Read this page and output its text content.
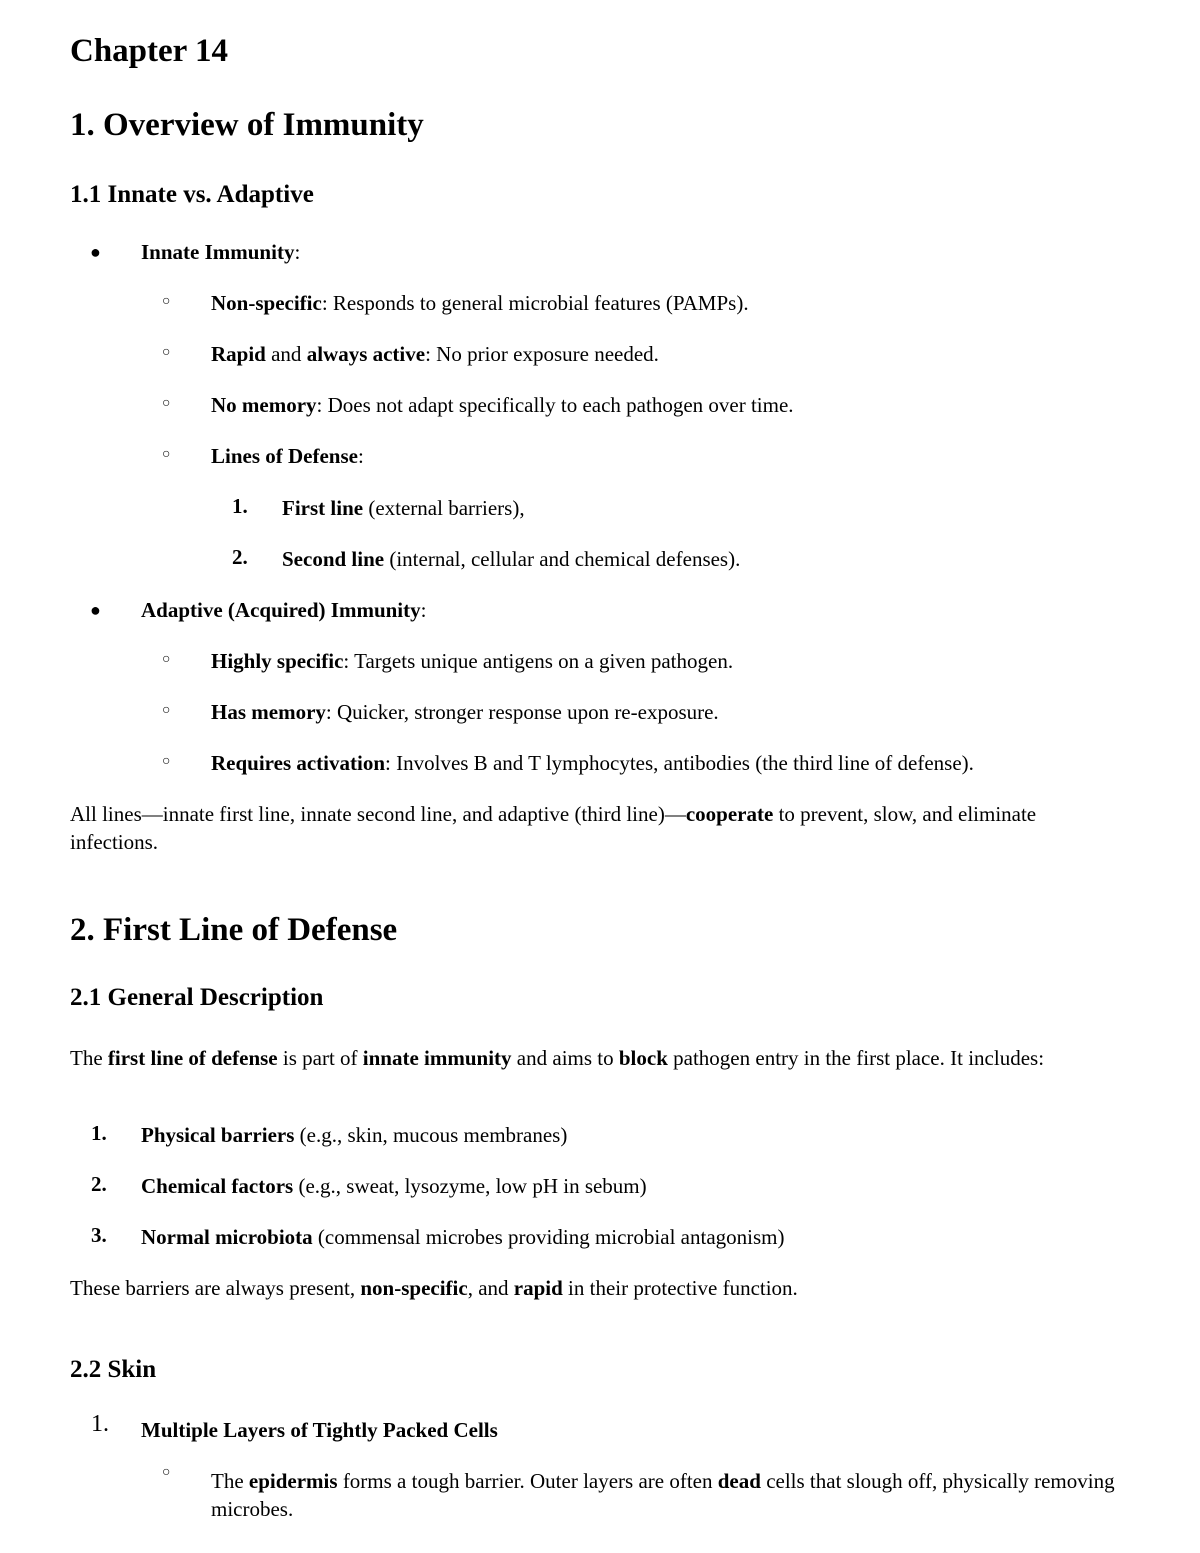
Chapter 14
1. Overview of Immunity
1.1 Innate vs. Adaptive
● Innate Immunity:
○ Non-specific: Responds to general microbial features (PAMPs).
○ Rapid and always active: No prior exposure needed.
○ No memory: Does not adapt specifically to each pathogen over time.
○ Lines of Defense:
1. First line (external barriers),
2. Second line (internal, cellular and chemical defenses).
● Adaptive (Acquired) Immunity:
○ Highly specific: Targets unique antigens on a given pathogen.
○ Has memory: Quicker, stronger response upon re-exposure.
○ Requires activation: Involves B and T lymphocytes, antibodies (the third line of defense).
All lines—innate first line, innate second line, and adaptive (third line)—cooperate to prevent, slow, and eliminate infections.
2. First Line of Defense
2.1 General Description
The first line of defense is part of innate immunity and aims to block pathogen entry in the first place. It includes:
1. Physical barriers (e.g., skin, mucous membranes)
2. Chemical factors (e.g., sweat, lysozyme, low pH in sebum)
3. Normal microbiota (commensal microbes providing microbial antagonism)
These barriers are always present, non-specific, and rapid in their protective function.
2.2 Skin
1. Multiple Layers of Tightly Packed Cells
○ The epidermis forms a tough barrier. Outer layers are often dead cells that slough off, physically removing microbes.
